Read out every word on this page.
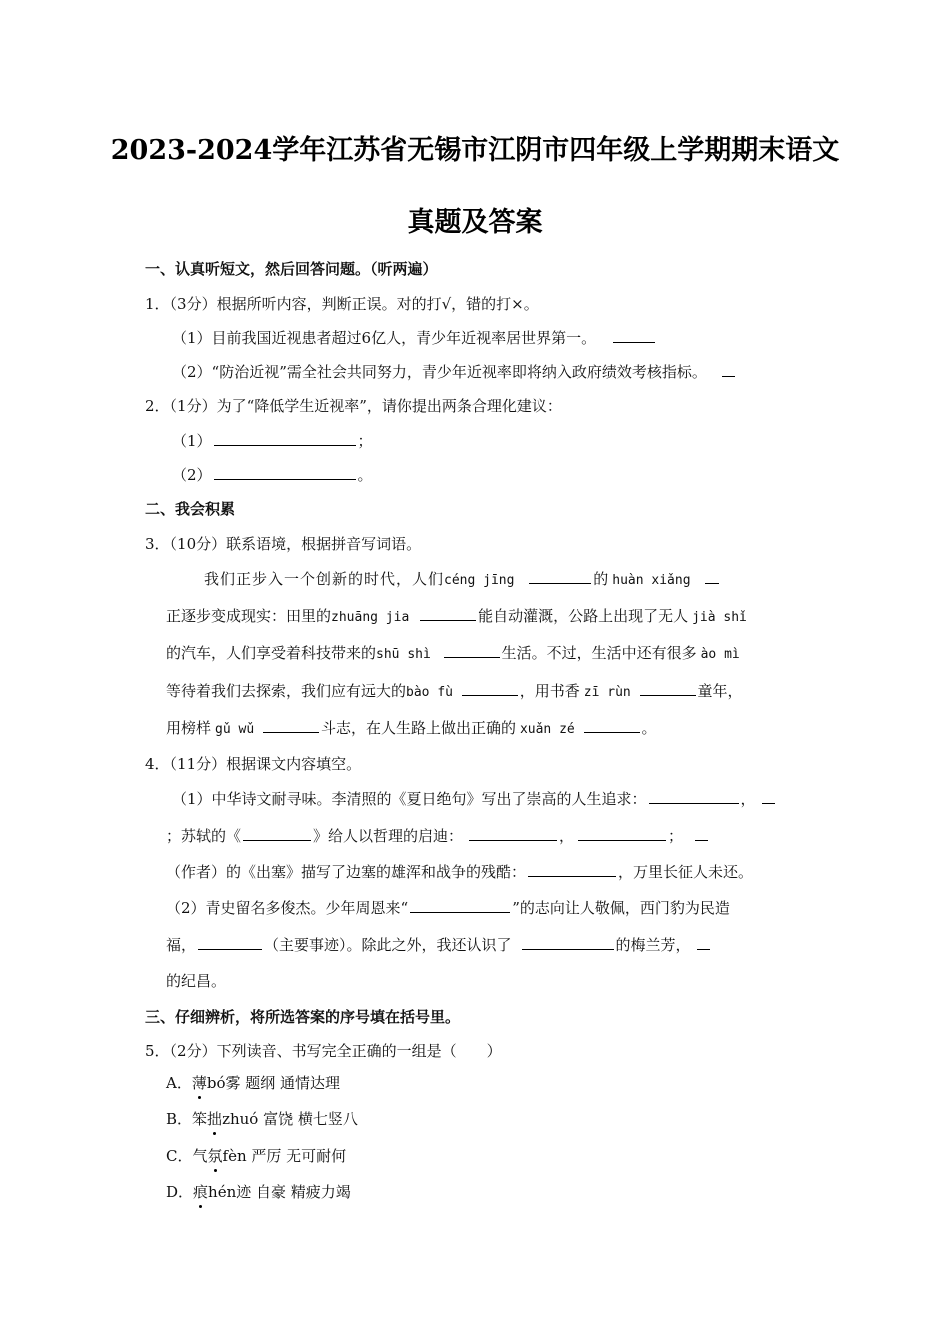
2023-2024学年江苏省无锡市江阴市四年级上学期期末语文
真题及答案
一、认真听短文，然后回答问题。（听两遍）
1．（3分）根据所听内容，判断正误。对的打√，错的打×。
（1）目前我国近视患者超过6亿人，青少年近视率居世界第一。
（2）“防治近视”需全社会共同努力，青少年近视率即将纳入政府绩效考核指标。
2．（1分）为了“降低学生近视率”，请你提出两条合理化建议：
（1）	；
（2）	。
二、我会积累
3．（10分）联系语境，根据拼音写词语。
我们正步入一个创新的时代，人们céng jīng	的 huàn xiǎng
正逐步变成现实：田里的zhuāng jia	能自动灌溉，公路上出现了无人 jià shǐ
的汽车，人们享受着科技带来的shū shì	生活。不过，生活中还有很多 ào mì
等待着我们去探索，我们应有远大的bào fù	，用书香 zī rùn	童年，
用榜样 gǔ wǔ	斗志，在人生路上做出正确的 xuǎn zé	。
4．（11分）根据课文内容填空。
（1）中华诗文耐寻味。李清照的《夏日绝句》写出了崇高的人生追求：	，
；苏轼的《	》给人以哲理的启迪：	，	；
（作者）的《出塞》描写了边塞的雄浑和战争的残酷：	，万里长征人未还。
（2）青史留名多俊杰。少年周恩来“	”的志向让人敬佩，西门豹为民造
福，	（主要事迹）。除此之外，我还认识了	的梅兰芳，
的纪昌。
三、仔细辨析，将所选答案的序号填在括号里。
5．（2分）下列读音、书写完全正确的一组是（　　）
A．薄bó雾 题纲 通情达理
B．笨拙zhuó 富饶 横七竖八
C．气氛fèn 严厉 无可耐何
D．痕hén迹 自豪 精疲力竭
